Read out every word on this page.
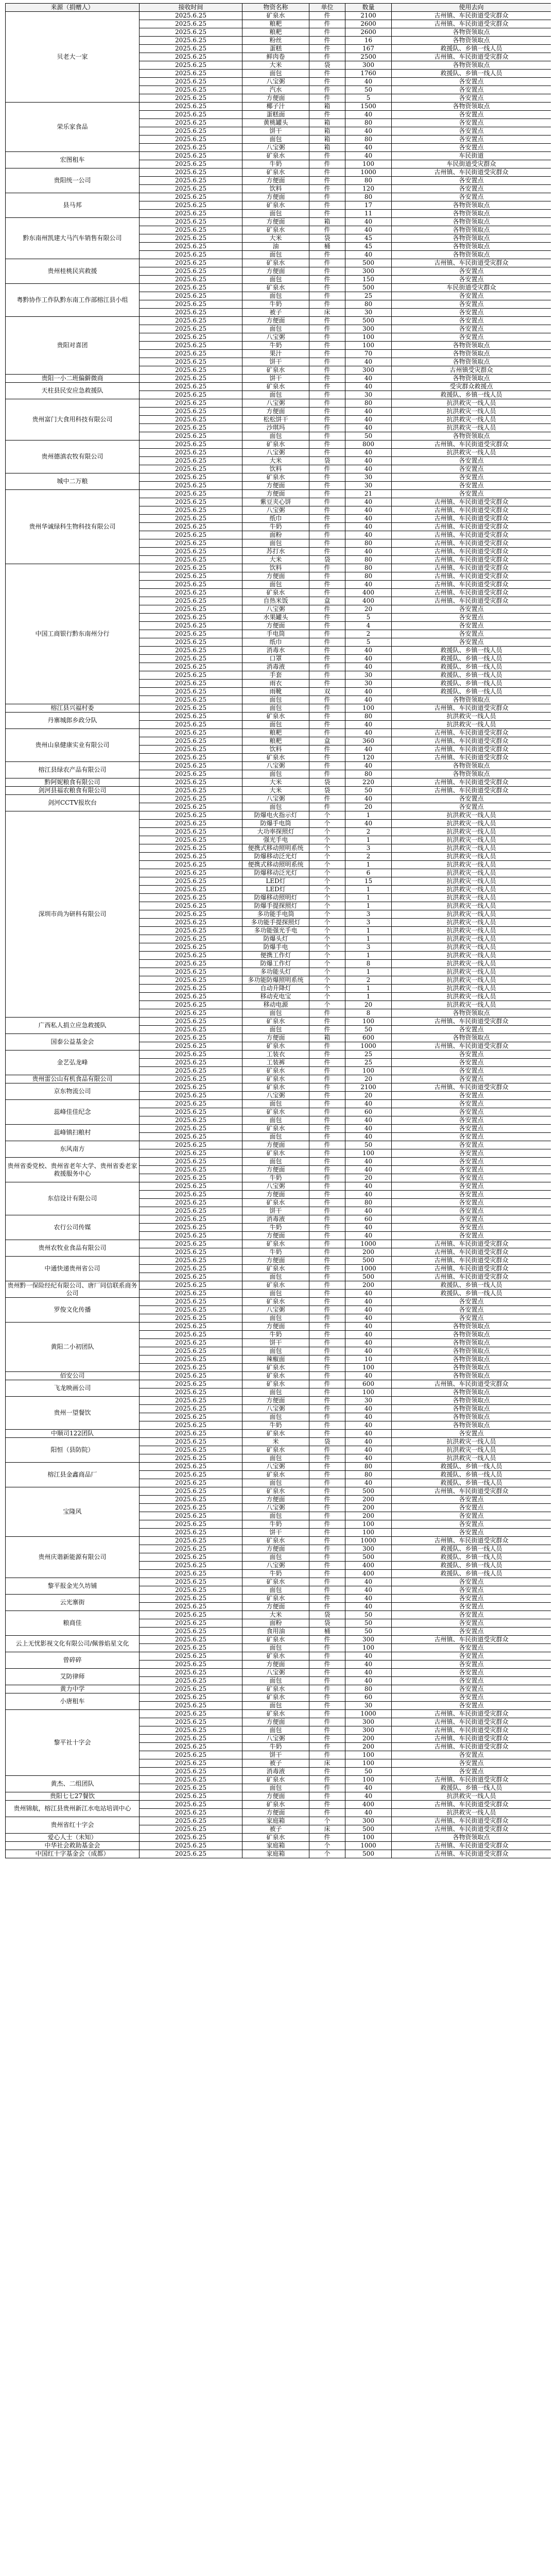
来源（捐赠人）	接收时间	物资名称	单位	数量	使用去向
贝老大一家	2025.6.25	矿泉水	件	2100	古州镇、车民街道受灾群众
	2025.6.25	粮粑	件	2600	古州镇、车民街道受灾群众
	2025.6.25	粮粑	件	2600	各物资领取点
	2025.6.25	粉丝	件	16	各物资领取点
	2025.6.25	蛋糕	件	167	救援队、乡镇一线人员
	2025.6.25	鲜肉卷	件	2500	古州镇、车民街道受灾群众
	2025.6.25	大米	袋	300	各物资领取点
	2025.6.25	面包	件	1760	救援队、乡镇一线人员
	2025.6.25	八宝粥	件	40	各安置点
	2025.6.25	汽水	件	50	各安置点
	2025.6.25	方便面	件	5	各安置点
荣乐家食品	2025.6.25	椰子汁	箱	1500	各物资领取点
	2025.6.25	蛋糕面	件	40	各安置点
	2025.6.25	黄桃罐头	箱	80	各安置点
	2025.6.25	饼干	箱	40	各安置点
	2025.6.25	面包	箱	80	各安置点
	2025.6.25	八宝粥	箱	40	各安置点
宏图租车	2025.6.25	矿泉水	件	40	车民街道
	2025.6.25	牛奶	件	100	车民街道受灾群众
贵阳统一公司	2025.6.25	矿泉水	件	1000	古州镇、车民街道受灾群众
	2025.6.25	方便面	件	80	各安置点
	2025.6.25	饮料	件	120	各安置点
县马邦	2025.6.25	方便面	件	80	各安置点
	2025.6.25	矿泉水	件	17	各物资领取点
	2025.6.25	面包	件	11	各物资领取点
黔东南州凯建大马汽车销售有限公司	2025.6.25	方便面	箱	40	各物资领取点
	2025.6.25	矿泉水	件	40	各物资领取点
	2025.6.25	大米	袋	45	各物资领取点
	2025.6.25	油	桶	45	各物资领取点
	2025.6.25	面包	件	40	各物资领取点
贵州桂桃民宾救援	2025.6.25	矿泉水	件	500	古州镇、车民街道受灾群众
	2025.6.25	方便面	件	300	各安置点
	2025.6.25	面包	件	150	各安置点
粤黔协作工作队黔东南工作部榕江县小组	2025.6.25	矿泉水	件	500	车民街道受灾群众
	2025.6.25	面包	件	25	各安置点
	2025.6.25	牛奶	件	80	各安置点
	2025.6.25	被子	床	30	各安置点
贵阳对喜团	2025.6.25	方便面	件	500	各安置点
	2025.6.25	面包	件	300	各安置点
	2025.6.25	八宝粥	件	100	各安置点
	2025.6.25	牛奶	件	100	各物资领取点
	2025.6.25	果汁	件	70	各物资领取点
	2025.6.25	饼干	件	40	各物资领取点
	2025.6.25	矿泉水	件	300	古州镇受灾群众
贵阳一小二班偏僻微商	2025.6.25	饼干	件	40	各物资领取点
天柱县民安应急救援队	2025.6.25	矿泉水	件	40	受灾群众救援点
	2025.6.25	面包	件	30	救援队、乡镇一线人员
贵州富门大食用科技有限公司	2025.6.25	八宝粥	件	80	抗洪救灾一线人员
	2025.6.25	方便面	件	40	抗洪救灾一线人员
	2025.6.25	松松饼干	件	40	抗洪救灾一线人员
	2025.6.25	沙琪玛	件	40	抗洪救灾一线人员
	2025.6.25	面包	件	50	各物资领取点
贵州德滇农牧有限公司	2025.6.25	矿泉水	件	800	古州镇、车民街道受灾群众
	2025.6.25	八宝粥	件	40	抗洪救灾一线人员
	2025.6.25	大米	袋	40	各安置点
	2025.6.25	饮料	件	40	各安置点
城中二万粮	2025.6.25	矿泉水	件	30	各安置点
	2025.6.25	方便面	件	30	各安置点
贵州华诚绿科生物科技有限公司	2025.6.25	方便面	件	21	各安置点
	2025.6.25	紫豆夹心饼	件	40	古州镇、车民街道受灾群众
	2025.6.25	八宝粥	件	40	古州镇、车民街道受灾群众
	2025.6.25	纸巾	件	40	古州镇、车民街道受灾群众
	2025.6.25	牛奶	件	40	古州镇、车民街道受灾群众
	2025.6.25	面粉	件	40	古州镇、车民街道受灾群众
	2025.6.25	面包	件	80	古州镇、车民街道受灾群众
	2025.6.25	苏打水	件	40	古州镇、车民街道受灾群众
	2025.6.25	大米	袋	80	古州镇、车民街道受灾群众
中国工商银行黔东南州分行	2025.6.25	饮料	件	80	古州镇、车民街道受灾群众
	2025.6.25	方便面	件	80	古州镇、车民街道受灾群众
	2025.6.25	面包	件	40	古州镇、车民街道受灾群众
	2025.6.25	矿泉水	件	400	古州镇、车民街道受灾群众
	2025.6.25	自热米饭	盒	400	古州镇、车民街道受灾群众
	2025.6.25	八宝粥	件	20	各安置点
	2025.6.25	水果罐头	件	5	各安置点
	2025.6.25	方便面	件	4	各安置点
	2025.6.25	手电筒	件	2	各安置点
	2025.6.25	纸巾	件	5	各安置点
	2025.6.25	消毒水	件	40	救援队、乡镇一线人员
	2025.6.25	口罩	件	40	救援队、乡镇一线人员
	2025.6.25	消毒液	件	40	救援队、乡镇一线人员
	2025.6.25	手套	件	30	救援队、乡镇一线人员
	2025.6.25	雨衣	件	30	救援队、乡镇一线人员
	2025.6.25	雨靴	双	40	救援队、乡镇一线人员
	2025.6.25	面包	件	40	各物资领取点
榕江县兴福村委	2025.6.25	面包	件	100	古州镇、车民街道受灾群众
丹寨城郎乡政分队	2025.6.25	矿泉水	件	80	抗洪救灾一线人员
	2025.6.25	面包	件	40	抗洪救灾一线人员
贵州山泉健康实业有限公司	2025.6.25	粮粑	件	40	古州镇、车民街道受灾群众
	2025.6.25	粮粑	盒	360	古州镇、车民街道受灾群众
	2025.6.25	饮料	件	40	古州镇、车民街道受灾群众
	2025.6.25	矿泉水	件	120	古州镇、车民街道受灾群众
榕江县绿农产品有限公司	2025.6.25	八宝粥	件	40	各物资领取点
	2025.6.25	面包	件	80	各物资领取点
黔阿妮粮食有限公司	2025.6.25	大米	袋	220	古州镇、车民街道受灾群众
剑河县福农粮食有限公司	2025.6.25	大米	袋	50	古州镇、车民街道受灾群众
剑河CCTV报坎台	2025.6.25	八宝粥	件	40	各安置点
	2025.6.25	面包	件	20	各安置点
深圳市尚为研科有限公司	2025.6.25	防爆电火指示灯	个	1	抗洪救灾一线人员
	2025.6.25	防爆手电筒	个	40	抗洪救灾一线人员
	2025.6.25	大功率探照灯	个	2	抗洪救灾一线人员
	2025.6.25	强光手电	个	1	抗洪救灾一线人员
	2025.6.25	便携式移动照明系统	个	3	抗洪救灾一线人员
	2025.6.25	防爆移动泛光灯	个	2	抗洪救灾一线人员
	2025.6.25	便携式移动照明系统	个	1	抗洪救灾一线人员
	2025.6.25	防爆移动泛光灯	个	6	抗洪救灾一线人员
	2025.6.25	LED灯	个	15	抗洪救灾一线人员
	2025.6.25	LED灯	个	1	抗洪救灾一线人员
	2025.6.25	防爆移动照明灯	个	1	抗洪救灾一线人员
	2025.6.25	防爆手提探照灯	个	1	抗洪救灾一线人员
	2025.6.25	多功能手电筒	个	3	抗洪救灾一线人员
	2025.6.25	多功能手提探照灯	个	3	抗洪救灾一线人员
	2025.6.25	多功能强光手电	个	1	抗洪救灾一线人员
	2025.6.25	防爆头灯	个	1	抗洪救灾一线人员
	2025.6.25	防爆手电	个	3	抗洪救灾一线人员
	2025.6.25	便携工作灯	个	1	抗洪救灾一线人员
	2025.6.25	防爆工作灯	个	8	抗洪救灾一线人员
	2025.6.25	多功能头灯	个	1	抗洪救灾一线人员
	2025.6.25	多功能防爆照明系统	个	2	抗洪救灾一线人员
	2025.6.25	自动升降灯	个	1	抗洪救灾一线人员
	2025.6.25	移动充电宝	个	1	抗洪救灾一线人员
	2025.6.25	移动电源	个	20	抗洪救灾一线人员
	2025.6.25	面包	件	8	各物资领取点
广西私人捐立应急救援队	2025.6.25	矿泉水	件	100	古州镇、车民街道受灾群众
	2025.6.25	面包	件	50	各安置点
国泰公益基金会	2025.6.25	方便面	箱	600	各物资领取点
	2025.6.25	矿泉水	件	1000	古州镇、车民街道受灾群众
金艺弘龙峰	2025.6.25	工装衣	件	25	各安置点
	2025.6.25	工装裤	件	25	各安置点
	2025.6.25	矿泉水	件	100	各安置点
贵州雷公山有机食品有限公司	2025.6.25	矿泉水	件	20	各安置点
京东物流公司	2025.6.25	矿泉水	件	2100	古州镇、车民街道受灾群众
	2025.6.25	八宝粥	件	20	各安置点
蕊峰佳佳纪念	2025.6.25	面包	件	40	各安置点
	2025.6.25	矿泉水	件	60	各安置点
	2025.6.25	面包	件	40	各安置点
蕊峰镇扫粮村	2025.6.25	矿泉水	件	40	各安置点
	2025.6.25	面包	件	40	各安置点
东风南方	2025.6.25	方便面	件	50	各安置点
	2025.6.25	矿泉水	件	100	各安置点
贵州省委党校、贵州省老年大学、贵州省委老家救援服务中心	2025.6.25	面包	件	40	各安置点
	2025.6.25	方便面	件	40	各安置点
	2025.6.25	牛奶	件	20	各安置点
东信设计有限公司	2025.6.25	八宝粥	件	40	各安置点
	2025.6.25	方便面	件	40	各安置点
	2025.6.25	矿泉水	件	80	各安置点
	2025.6.25	饼干	件	40	各安置点
农行公司传媒	2025.6.25	消毒液	件	60	各安置点
	2025.6.25	牛奶	件	40	各安置点
	2025.6.25	方便面	件	40	各安置点
贵州农牧业食品有限公司	2025.6.25	矿泉水	件	1000	古州镇、车民街道受灾群众
	2025.6.25	牛奶	件	200	古州镇、车民街道受灾群众
中通快递贵州省公司	2025.6.25	方便面	件	500	古州镇、车民街道受灾群众
	2025.6.25	矿泉水	件	1000	古州镇、车民街道受灾群众
	2025.6.25	面包	件	500	古州镇、车民街道受灾群众
贵州黔一保险经纪有限公司、唐厂同信联系商务公司	2025.6.25	矿泉水	件	200	救援队、乡镇一线人员
	2025.6.25	面包	件	40	救援队、乡镇一线人员
罗俊文化传播	2025.6.25	矿泉水	件	40	各安置点
	2025.6.25	八宝粥	件	40	各安置点
	2025.6.25	面包	件	40	各安置点
黄阳二小初团队	2025.6.25	方便面	件	40	各物资领取点
	2025.6.25	牛奶	件	40	各物资领取点
	2025.6.25	饼干	件	40	各物资领取点
	2025.6.25	面包	件	40	各物资领取点
	2025.6.25	辣椒面	件	10	各物资领取点
	2025.6.25	矿泉水	件	100	各物资领取点
佰安公司	2025.6.25	矿泉水	件	40	各物资领取点
飞龙映画公司	2025.6.25	矿泉水	件	600	古州镇、车民街道受灾群众
	2025.6.25	面包	件	100	各物资领取点
贵州一望餐饮	2025.6.25	方便面	件	30	各物资领取点
	2025.6.25	八宝粥	件	40	各物资领取点
	2025.6.25	面包	件	40	各物资领取点
	2025.6.25	牛奶	件	40	各物资领取点
中顺司122团队	2025.6.25	矿泉水	件	40	各安置点
阳恒（县防院）	2025.6.25	米	袋	40	抗洪救灾一线人员
	2025.6.25	矿泉水	件	40	抗洪救灾一线人员
	2025.6.25	面包	件	40	抗洪救灾一线人员
榕江县金鑫商品厂	2025.6.25	八宝粥	件	80	救援队、乡镇一线人员
	2025.6.25	矿泉水	件	80	救援队、乡镇一线人员
	2025.6.25	面包	件	40	救援队、乡镇一线人员
宝隆风	2025.6.25	矿泉水	件	500	古州镇、车民街道受灾群众
	2025.6.25	方便面	件	200	各安置点
	2025.6.25	八宝粥	件	200	各安置点
	2025.6.25	面包	件	200	各安置点
	2025.6.25	牛奶	件	100	各安置点
	2025.6.25	饼干	件	100	各安置点
贵州庆谐新能源有限公司	2025.6.25	矿泉水	件	1000	古州镇、车民街道受灾群众
	2025.6.25	方便面	件	300	救援队、乡镇一线人员
	2025.6.25	面包	件	500	救援队、乡镇一线人员
	2025.6.25	八宝粥	件	400	救援队、乡镇一线人员
	2025.6.25	牛奶	件	400	救援队、乡镇一线人员
黎平报金光久坊铺	2025.6.25	矿泉水	件	40	各安置点
	2025.6.25	面包	件	40	各安置点
云光寨街	2025.6.25	矿泉水	件	40	各安置点
	2025.6.25	方便面	件	40	各安置点
粮商佳	2025.6.25	大米	袋	50	各安置点
	2025.6.25	面粉	袋	50	各安置点
	2025.6.25	食用油	桶	50	各安置点
云上无忧影视文化有限公司/佩蓉焰星文化	2025.6.25	矿泉水	件	300	古州镇、车民街道受灾群众
	2025.6.25	面包	件	100	各安置点
曾碎碎	2025.6.25	矿泉水	件	40	各安置点
	2025.6.25	方便面	件	40	各安置点
艾防律师	2025.6.25	八宝粥	件	40	各安置点
	2025.6.25	面包	件	40	各安置点
黄力中学	2025.6.25	矿泉水	件	80	各安置点
小唐租车	2025.6.25	矿泉水	件	60	各安置点
	2025.6.25	面包	件	30	各安置点
黎平社十字会	2025.6.25	矿泉水	件	1000	古州镇、车民街道受灾群众
	2025.6.25	方便面	件	300	古州镇、车民街道受灾群众
	2025.6.25	面包	件	300	古州镇、车民街道受灾群众
	2025.6.25	八宝粥	件	200	古州镇、车民街道受灾群众
	2025.6.25	牛奶	件	200	古州镇、车民街道受灾群众
	2025.6.25	饼干	件	100	各安置点
	2025.6.25	被子	床	100	各安置点
	2025.6.25	消毒液	件	50	各安置点
黄杰、二组团队	2025.6.25	矿泉水	件	100	古州镇、车民街道受灾群众
	2025.6.25	面包	件	40	救援队、乡镇一线人员
贵阳七七27餐饮	2025.6.25	方便面	件	40	抗洪救灾一线人员
贵州锦航，榕江县贵州新江水电站培训中心	2025.6.25	矿泉水	件	400	古州镇、车民街道受灾群众
	2025.6.25	方便面	件	40	抗洪救灾一线人员
贵州省红十字会	2025.6.25	家庭箱	个	300	古州镇、车民街道受灾群众
	2025.6.25	被子	床	500	古州镇、车民街道受灾群众
爱心人士（未知）	2025.6.25	矿泉水	件	100	各物资领取点
中华社会救助基金会	2025.6.25	家庭箱	个	1000	古州镇、车民街道受灾群众
中国红十字基金会（成都）	2025.6.25	家庭箱	个	500	古州镇、车民街道受灾群众
